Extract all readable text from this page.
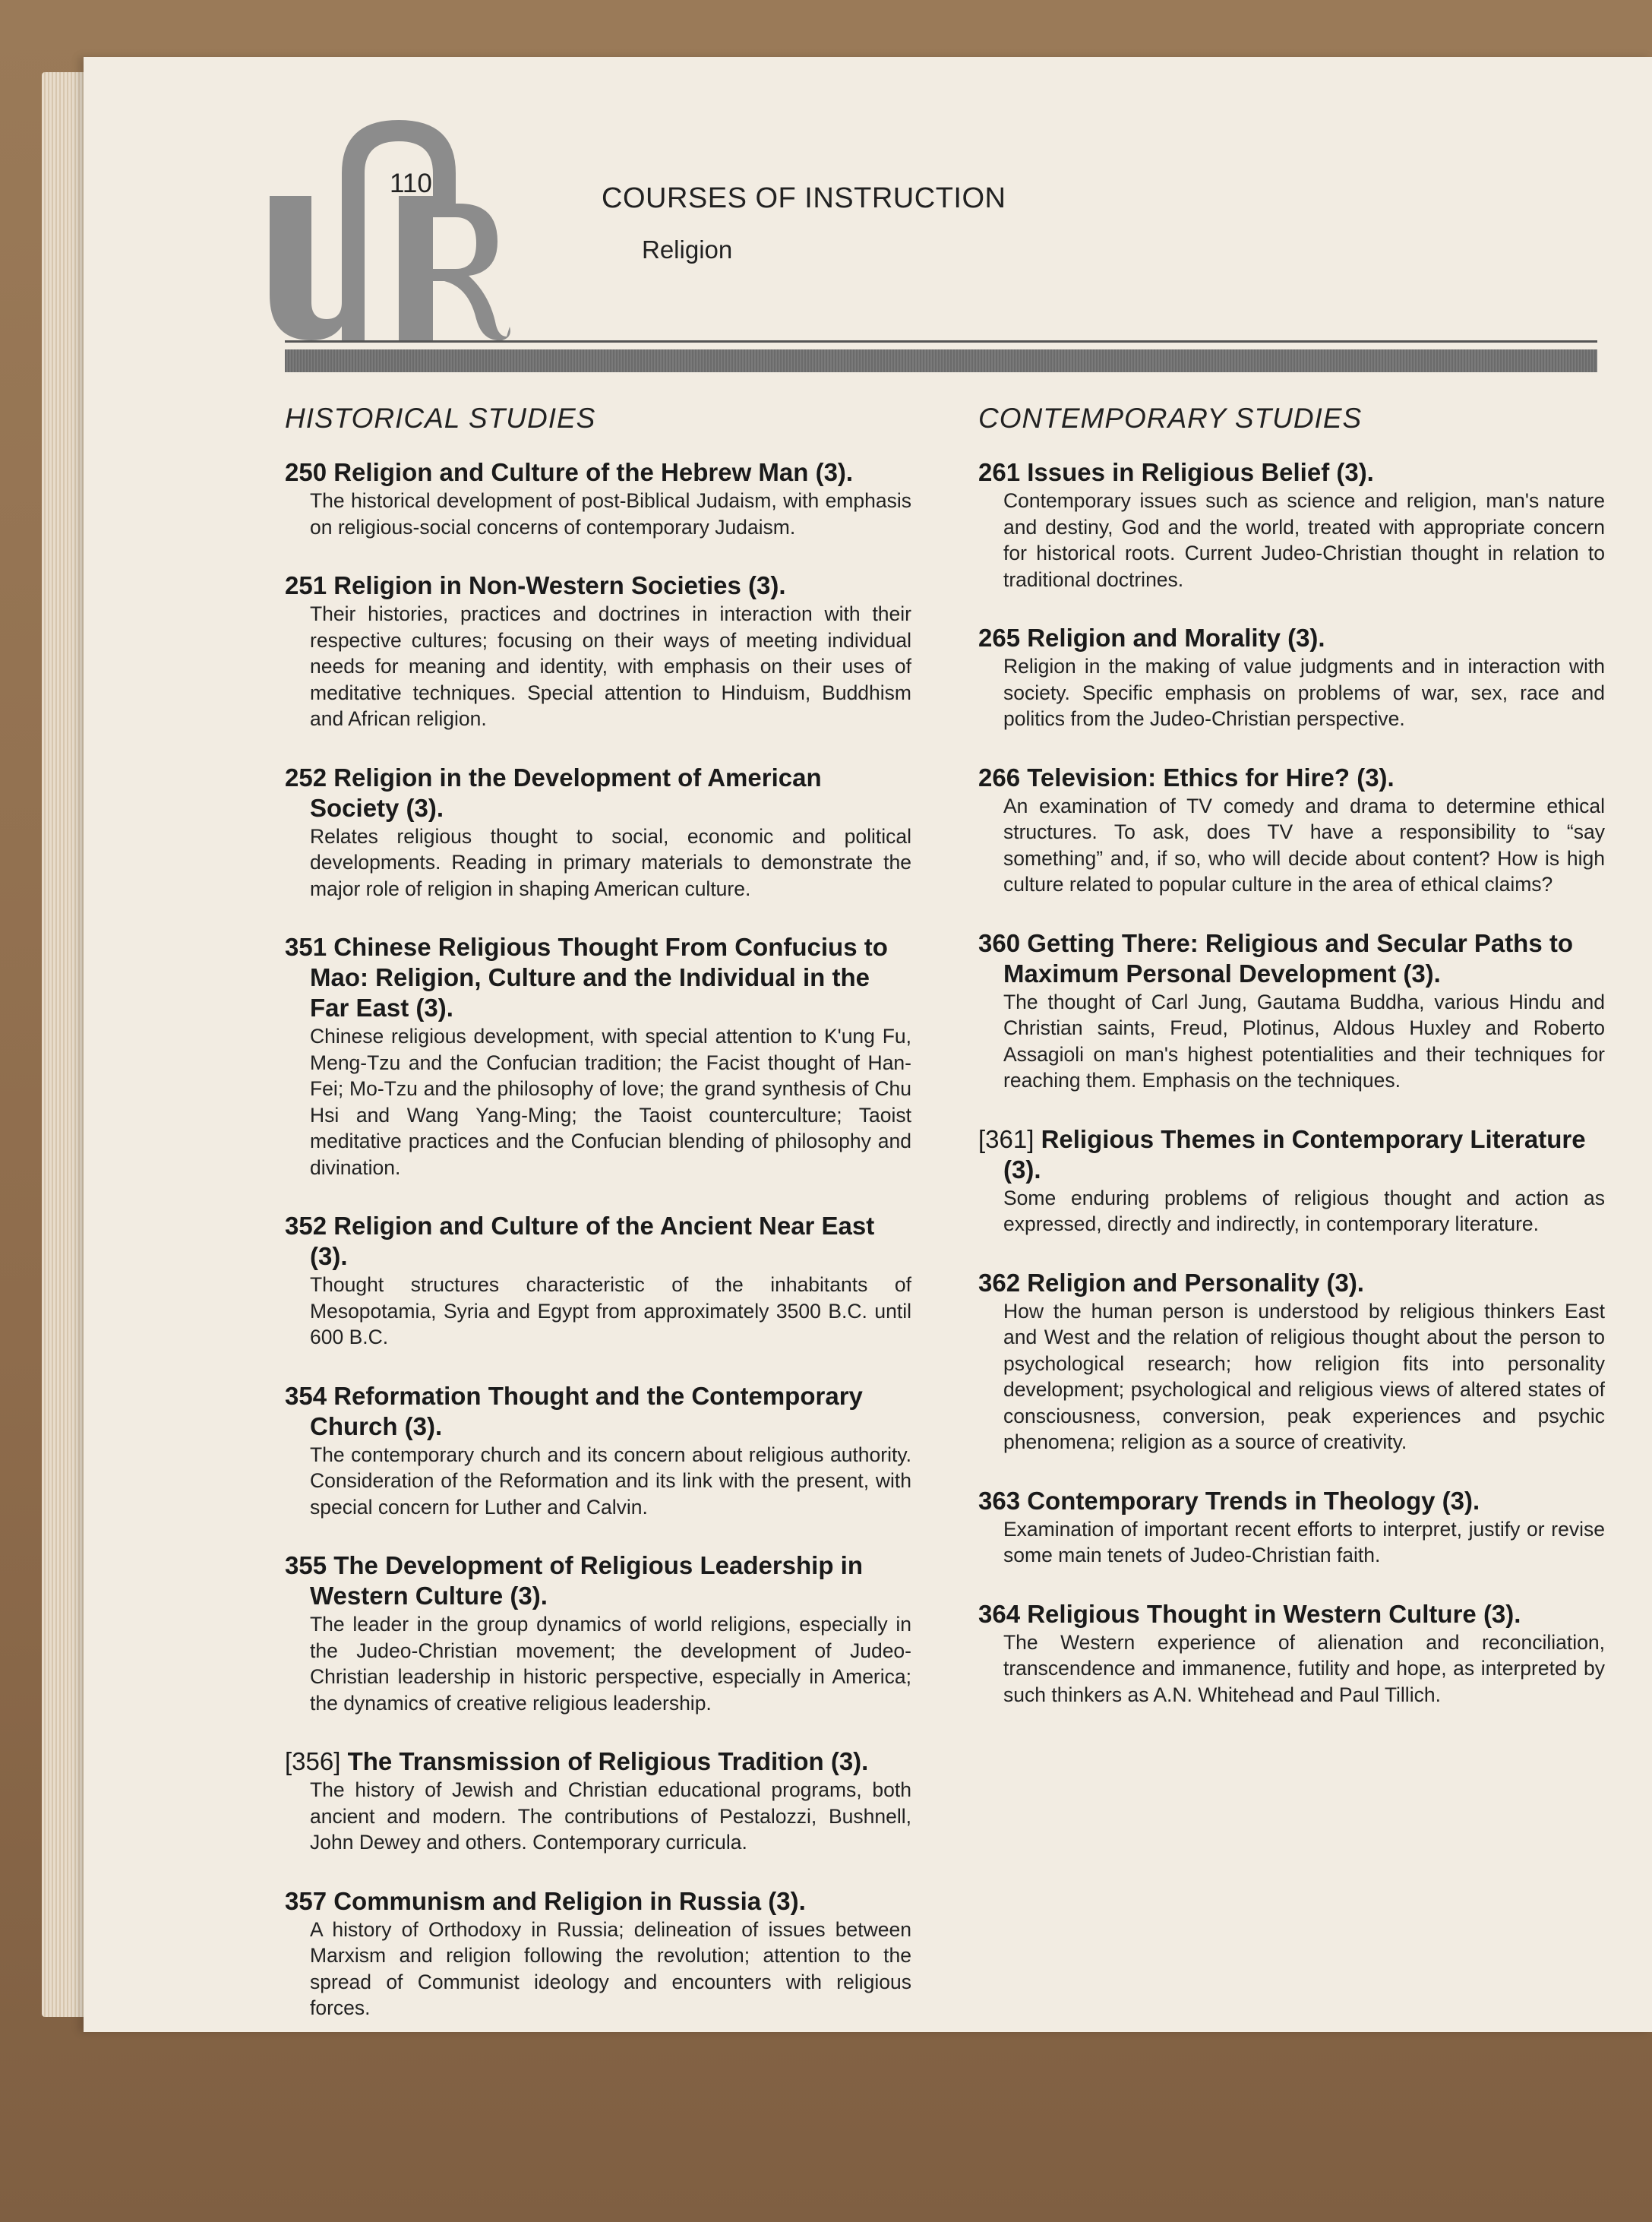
110	COURSES OF INSTRUCTION
Religion
HISTORICAL STUDIES
250 Religion and Culture of the Hebrew Man (3).
The historical development of post-Biblical Judaism, with emphasis on religious-social concerns of contemporary Judaism.
251 Religion in Non-Western Societies (3).
Their histories, practices and doctrines in interaction with their respective cultures; focusing on their ways of meeting individual needs for meaning and identity, with emphasis on their uses of meditative techniques. Special attention to Hinduism, Buddhism and African religion.
252 Religion in the Development of American Society (3).
Relates religious thought to social, economic and political developments. Reading in primary materials to demonstrate the major role of religion in shaping American culture.
351 Chinese Religious Thought From Confucius to Mao: Religion, Culture and the Individual in the Far East (3).
Chinese religious development, with special attention to K'ung Fu, Meng-Tzu and the Confucian tradition; the Facist thought of Han-Fei; Mo-Tzu and the philosophy of love; the grand synthesis of Chu Hsi and Wang Yang-Ming; the Taoist counterculture; Taoist meditative practices and the Confucian blending of philosophy and divination.
352 Religion and Culture of the Ancient Near East (3).
Thought structures characteristic of the inhabitants of Mesopotamia, Syria and Egypt from approximately 3500 B.C. until 600 B.C.
354 Reformation Thought and the Contemporary Church (3).
The contemporary church and its concern about religious authority. Consideration of the Reformation and its link with the present, with special concern for Luther and Calvin.
355 The Development of Religious Leadership in Western Culture (3).
The leader in the group dynamics of world religions, especially in the Judeo-Christian movement; the development of Judeo-Christian leadership in historic perspective, especially in America; the dynamics of creative religious leadership.
[356] The Transmission of Religious Tradition (3).
The history of Jewish and Christian educational programs, both ancient and modern. The contributions of Pestalozzi, Bushnell, John Dewey and others. Contemporary curricula.
357 Communism and Religion in Russia (3).
A history of Orthodoxy in Russia; delineation of issues between Marxism and religion following the revolution; attention to the spread of Communist ideology and encounters with religious forces.
CONTEMPORARY STUDIES
261 Issues in Religious Belief (3).
Contemporary issues such as science and religion, man's nature and destiny, God and the world, treated with appropriate concern for historical roots. Current Judeo-Christian thought in relation to traditional doctrines.
265 Religion and Morality (3).
Religion in the making of value judgments and in interaction with society. Specific emphasis on problems of war, sex, race and politics from the Judeo-Christian perspective.
266 Television: Ethics for Hire? (3).
An examination of TV comedy and drama to determine ethical structures. To ask, does TV have a responsibility to “say something” and, if so, who will decide about content? How is high culture related to popular culture in the area of ethical claims?
360 Getting There: Religious and Secular Paths to Maximum Personal Development (3).
The thought of Carl Jung, Gautama Buddha, various Hindu and Christian saints, Freud, Plotinus, Aldous Huxley and Roberto Assagioli on man's highest potentialities and their techniques for reaching them. Emphasis on the techniques.
[361] Religious Themes in Contemporary Literature (3).
Some enduring problems of religious thought and action as expressed, directly and indirectly, in contemporary literature.
362 Religion and Personality (3).
How the human person is understood by religious thinkers East and West and the relation of religious thought about the person to psychological research; how religion fits into personality development; psychological and religious views of altered states of consciousness, conversion, peak experiences and psychic phenomena; religion as a source of creativity.
363 Contemporary Trends in Theology (3).
Examination of important recent efforts to interpret, justify or revise some main tenets of Judeo-Christian faith.
364 Religious Thought in Western Culture (3).
The Western experience of alienation and reconciliation, transcendence and immanence, futility and hope, as interpreted by such thinkers as A.N. Whitehead and Paul Tillich.
